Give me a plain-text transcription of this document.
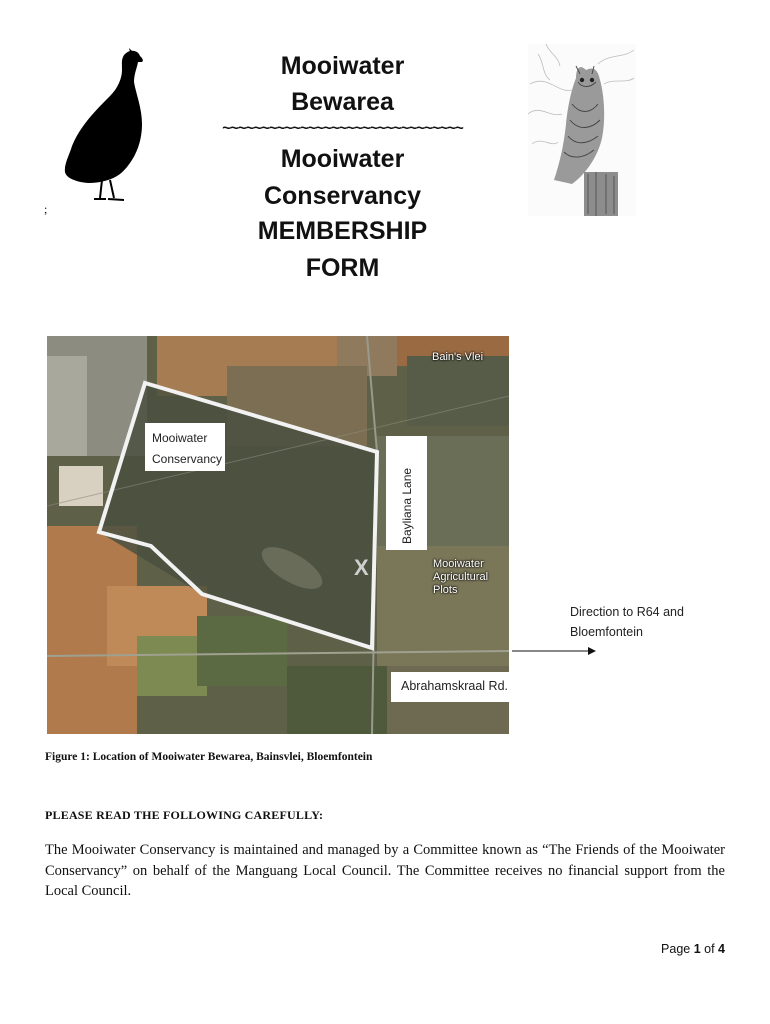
;
Mooiwater
Bewarea
~~~~~~~~~~~~~~~~~~~~~~~~~~~~~~~
Mooiwater
Conservancy
MEMBERSHIP
FORM
Mooiwater
Conservancy
Bain's Vlei
Mooiwater
Agricultural Plots
X
Abrahamskraal Rd.
Direction to R64 and
Bloemfontein
Figure 1: Location of Mooiwater Bewarea, Bainsvlei, Bloemfontein
PLEASE READ THE FOLLOWING CAREFULLY:
The Mooiwater Conservancy is maintained and managed by a Committee known as “The Friends of the Mooiwater Conservancy” on behalf of the Manguang Local Council. The Committee receives no financial support from the Local Council.
Page 1 of 4
